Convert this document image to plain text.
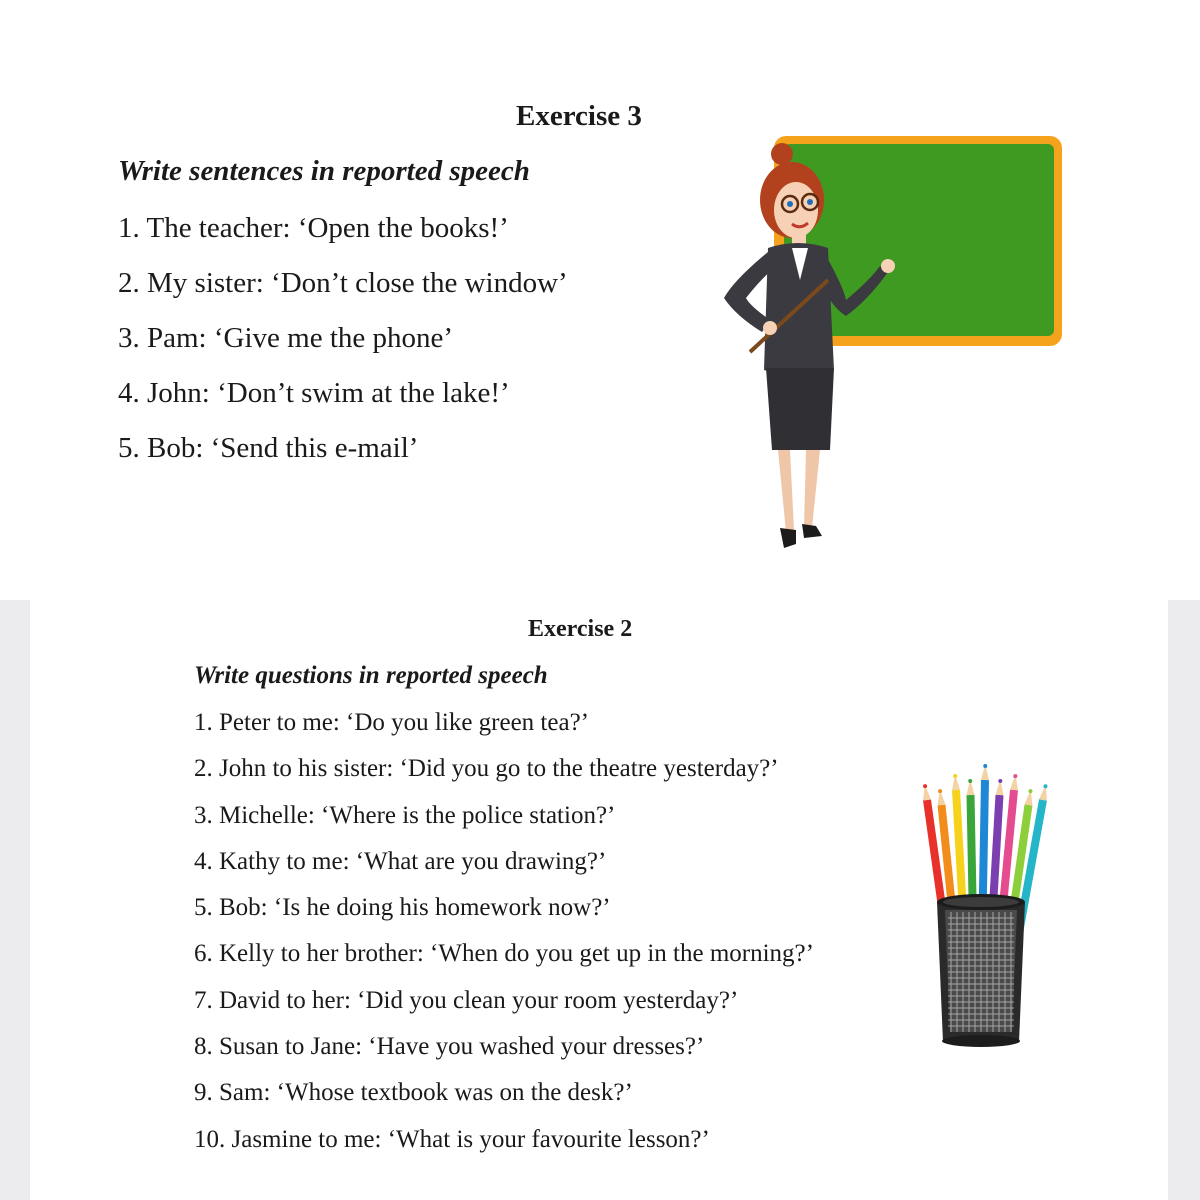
Exercise 3
Write sentences in reported speech
1. The teacher: ‘Open the books!’
2. My sister: ‘Don’t close the window’
3. Pam: ‘Give me the phone’
4. John: ‘Don’t swim at the lake!’
5. Bob: ‘Send this e-mail’
Exercise 2
Write questions in reported speech
1. Peter to me: ‘Do you like green tea?’
2. John to his sister: ‘Did you go to the theatre yesterday?’
3. Michelle: ‘Where is the police station?’
4. Kathy to me: ‘What are you drawing?’
5. Bob: ‘Is he doing his homework now?’
6. Kelly to her brother: ‘When do you get up in the morning?’
7. David to her: ‘Did you clean your room yesterday?’
8. Susan to Jane: ‘Have you washed your dresses?’
9. Sam: ‘Whose textbook was on the desk?’
10. Jasmine to me: ‘What is your favourite lesson?’
